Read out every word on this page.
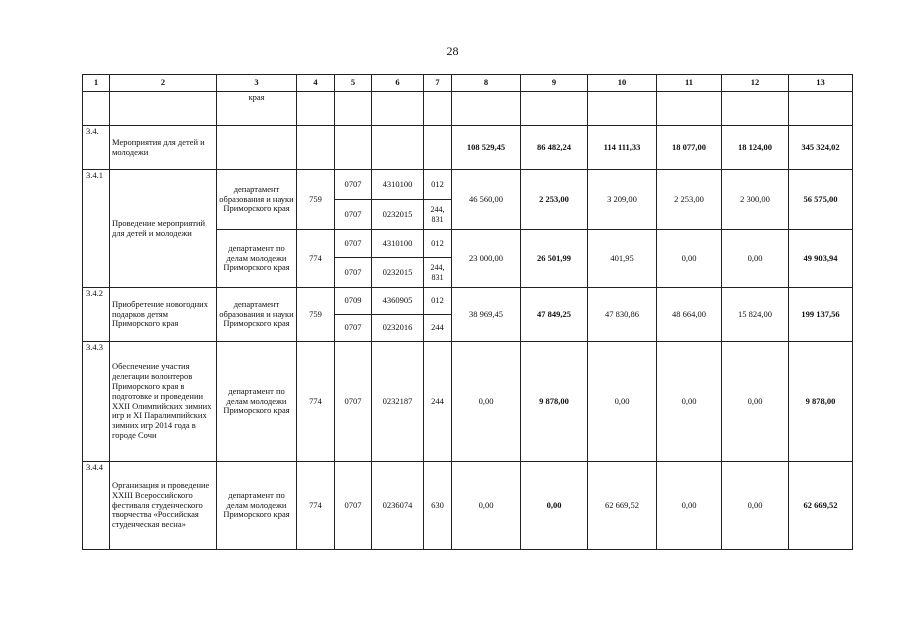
28
1	2	3	4	5	6	7	8	9	10	11	12	13
		края										
3.4.	Мероприятия для детей и молодежи						108 529,45	86 482,24	114 111,33	18 077,00	18 124,00	345 324,02
3.4.1	Проведение мероприятий для детей и молодежи	департамент образования и науки Приморского края	759	0707	4310100	012	46 560,00	2 253,00	3 209,00	2 253,00	2 300,00	56 575,00
				0707	0232015	244, 831						
		департамент по делам молодежи Приморского края	774	0707	4310100	012	23 000,00	26 501,99	401,95	0,00	0,00	49 903,94
				0707	0232015	244, 831						
3.4.2	Приобретение новогодних подарков детям Приморского края	департамент образования и науки Приморского края	759	0709	4360905	012	38 969,45	47 849,25	47 830,86	48 664,00	15 824,00	199 137,56
				0707	0232016	244						
3.4.3	Обеспечение участия делегации волонтеров Приморского края в подготовке и проведении XXII Олимпийских зимних игр и XI Паралимпийских зимних игр 2014 года в городе Сочи	департамент по делам молодежи Приморского края	774	0707	0232187	244	0,00	9 878,00	0,00	0,00	0,00	9 878,00
3.4.4	Организация и проведение XXIII Всероссийского фестиваля студенческого творчества «Российская студенческая весна»	департамент по делам молодежи Приморского края	774	0707	0236074	630	0,00	0,00	62 669,52	0,00	0,00	62 669,52
